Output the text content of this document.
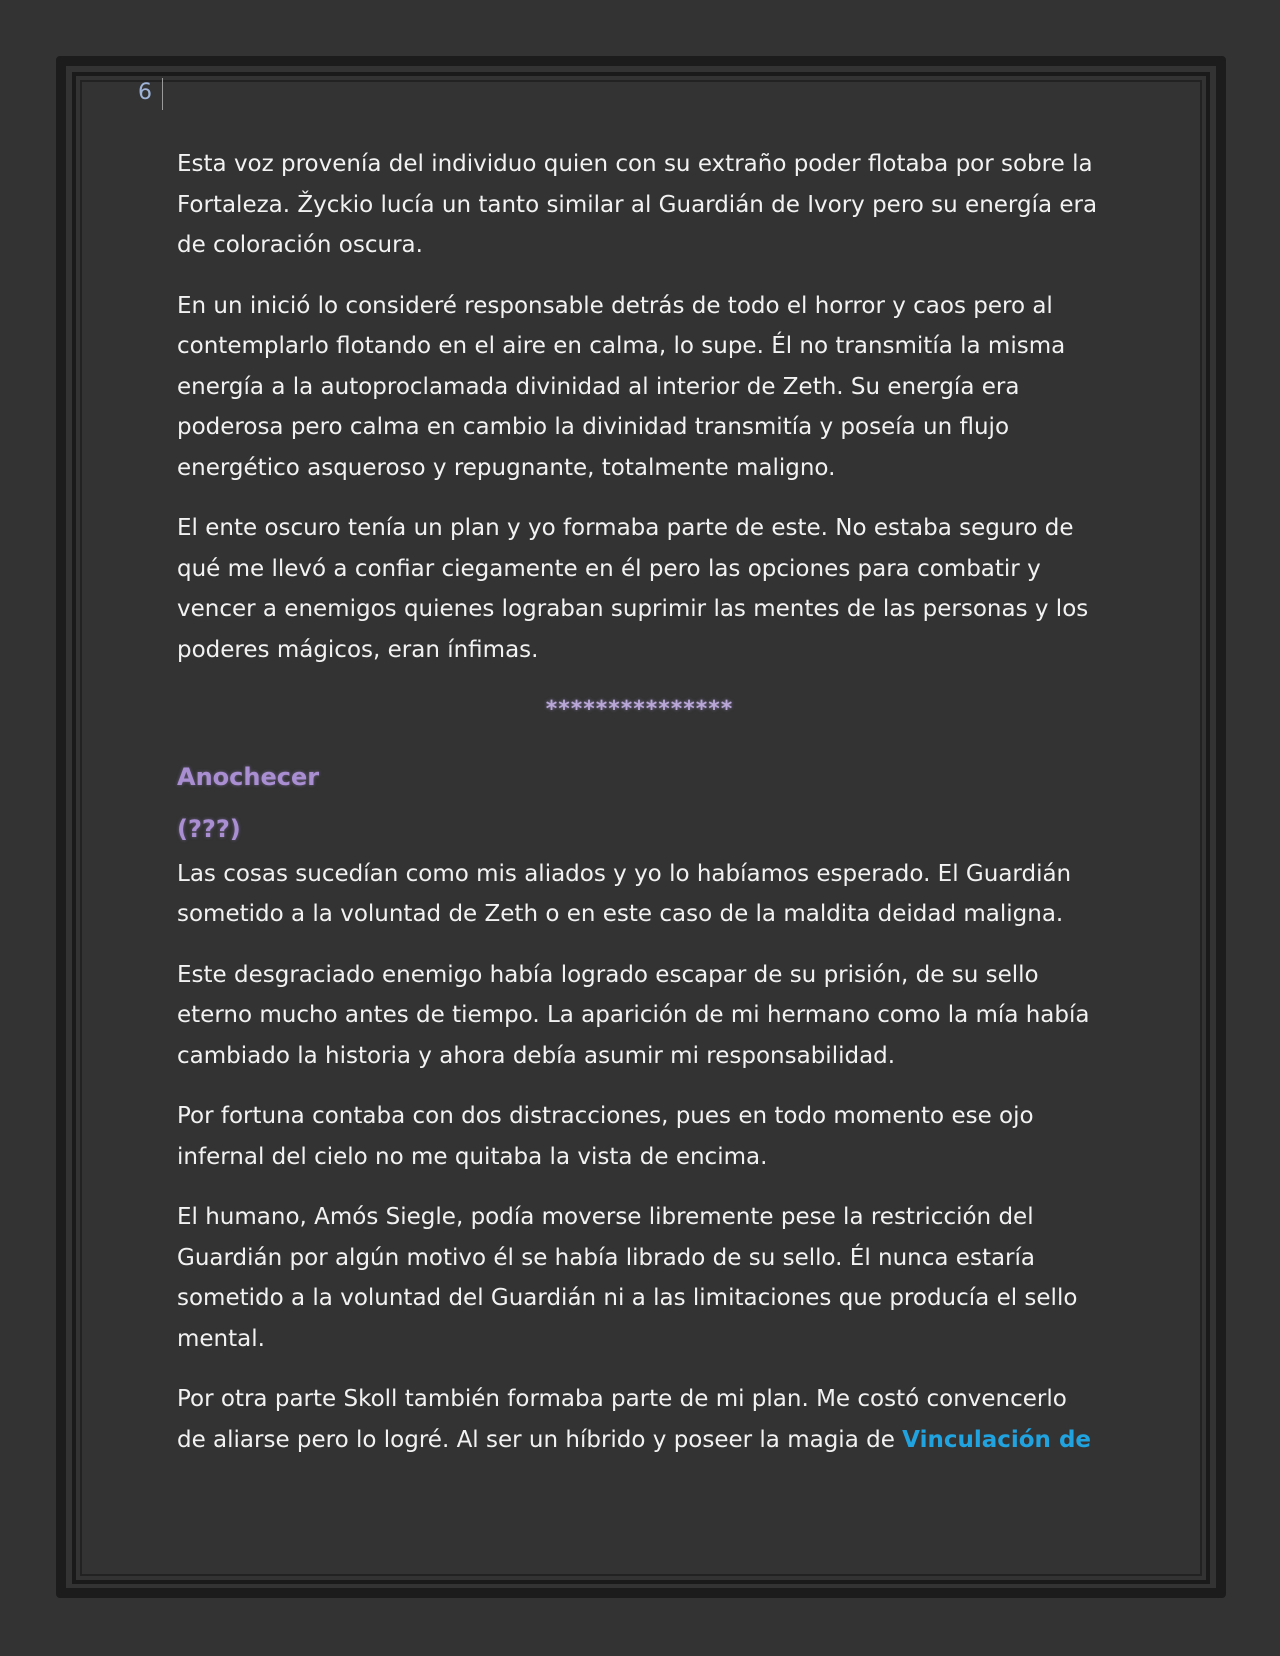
6

Esta voz provenía del individuo quien con su extraño poder flotaba por sobre la Fortaleza. Žyckio lucía un tanto similar al Guardián de Ivory pero su energía era de coloración oscura.

En un inició lo consideré responsable detrás de todo el horror y caos pero al contemplarlo flotando en el aire en calma, lo supe. Él no transmitía la misma energía a la autoproclamada divinidad al interior de Zeth. Su energía era poderosa pero calma en cambio la divinidad transmitía y poseía un flujo energético asqueroso y repugnante, totalmente maligno.

El ente oscuro tenía un plan y yo formaba parte de este. No estaba seguro de qué me llevó a confiar ciegamente en él pero las opciones para combatir y vencer a enemigos quienes lograban suprimir las mentes de las personas y los poderes mágicos, eran ínfimas.

***************
Anochecer
(???)

Las cosas sucedían como mis aliados y yo lo habíamos esperado. El Guardián sometido a la voluntad de Zeth o en este caso de la maldita deidad maligna.

Este desgraciado enemigo había logrado escapar de su prisión, de su sello eterno mucho antes de tiempo. La aparición de mi hermano como la mía había cambiado la historia y ahora debía asumir mi responsabilidad.

Por fortuna contaba con dos distracciones, pues en todo momento ese ojo infernal del cielo no me quitaba la vista de encima.

El humano, Amós Siegle, podía moverse libremente pese la restricción del Guardián por algún motivo él se había librado de su sello. Él nunca estaría sometido a la voluntad del Guardián ni a las limitaciones que producía el sello mental.

Por otra parte Skoll también formaba parte de mi plan. Me costó convencerlo de aliarse pero lo logré. Al ser un híbrido y poseer la magia de Vinculación de
